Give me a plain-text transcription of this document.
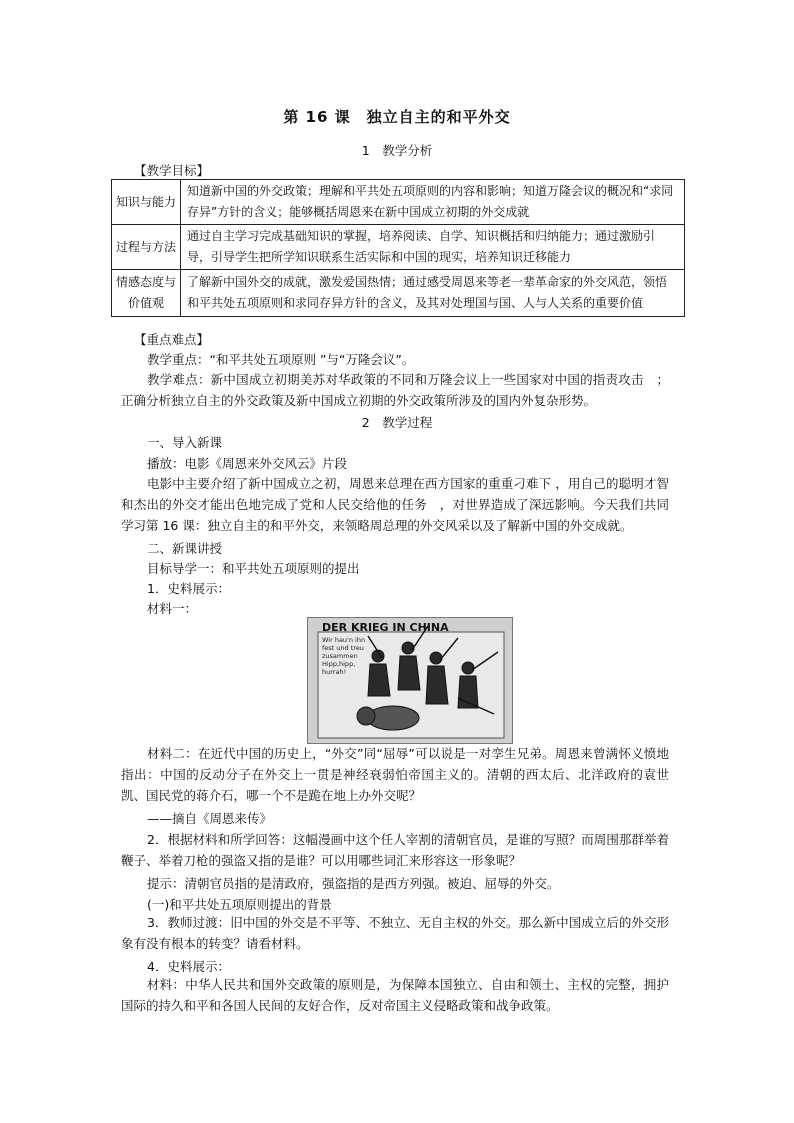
第 16 课　独立自主的和平外交
1　教学分析
【教学目标】
知识与能力	知道新中国的外交政策；理解和平共处五项原则的内容和影响；知道万隆会议的概况和“求同存异”方针的含义；能够概括周恩来在新中国成立初期的外交成就
过程与方法	通过自主学习完成基础知识的掌握，培养阅读、自学、知识概括和归纳能力；通过激励引导，引导学生把所学知识联系生活实际和中国的现实，培养知识迁移能力
情感态度与价值观	了解新中国外交的成就，激发爱国热情；通过感受周恩来等老一辈革命家的外交风范，领悟和平共处五项原则和求同存异方针的含义，及其对处理国与国、人与人关系的重要价值
【重点难点】
教学重点：“和平共处五项原则 ”与“万隆会议”。

教学难点：新中国成立初期美苏对华政策的不同和万隆会议上一些国家对中国的指责攻击　；正确分析独立自主的外交政策及新中国成立初期的外交政策所涉及的国内外复杂形势。

2　教学过程
一、导入新课
播放：电影《周恩来外交风云》片段

电影中主要介绍了新中国成立之初，周恩来总理在西方国家的重重刁难下 ，用自己的聪明才智和杰出的外交才能出色地完成了党和人民交给他的任务　，对世界造成了深远影响。今天我们共同学习第 16 课：独立自主的和平外交，来领略周总理的外交风采以及了解新中国的外交成就。

二、新课讲授
目标导学一：和平共处五项原则的提出
1．史料展示：
材料一：
DER KRIEG IN CHINA
Wir hau'n ihn
fest und treu
zusammen
Hipp,hipp,
hurrah!

材料二：在近代中国的历史上，“外交”同“屈辱”可以说是一对孪生兄弟。周恩来曾满怀义愤地指出：中国的反动分子在外交上一贯是神经衰弱怕帝国主义的。清朝的西太后、北洋政府的袁世凯、国民党的蒋介石，哪一个不是跪在地上办外交呢？

——摘自《周恩来传》

2．根据材料和所学回答：这幅漫画中这个任人宰割的清朝官员，是谁的写照？而周围那群举着鞭子、举着刀枪的强盗又指的是谁？可以用哪些词汇来形容这一形象呢？

提示：清朝官员指的是清政府，强盗指的是西方列强。被迫、屈辱的外交。
(一)和平共处五项原则提出的背景

3．教师过渡：旧中国的外交是不平等、不独立、无自主权的外交。那么新中国成立后的外交形象有没有根本的转变？请看材料。

4．史料展示：

材料：中华人民共和国外交政策的原则是，为保障本国独立、自由和领土、主权的完整，拥护国际的持久和平和各国人民间的友好合作，反对帝国主义侵略政策和战争政策。
